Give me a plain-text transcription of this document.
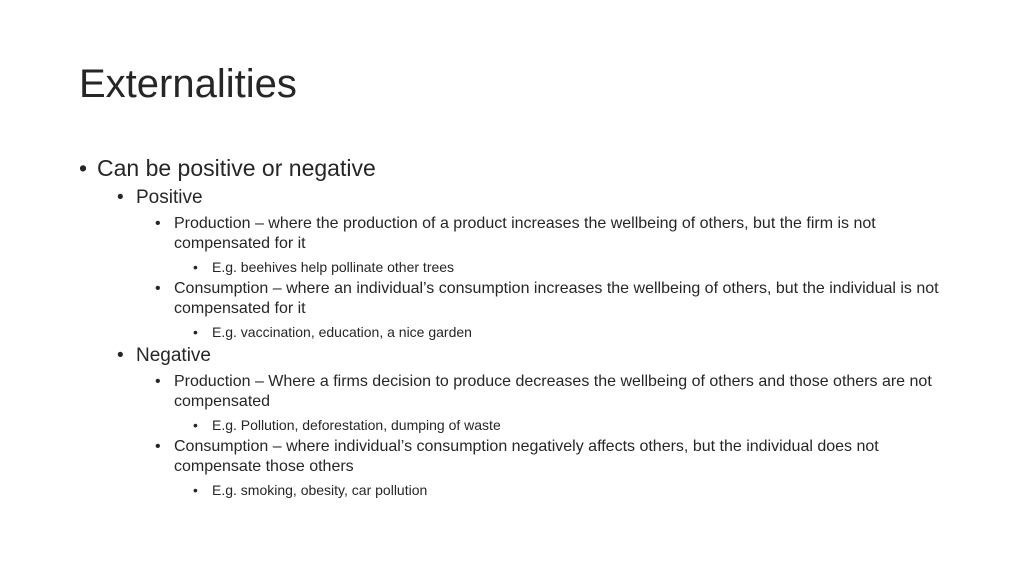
Externalities
• Can be positive or negative
• Positive
• Production – where the production of a product increases the wellbeing of others, but the firm is not compensated for it
• E.g. beehives help pollinate other trees
• Consumption – where an individual’s consumption increases the wellbeing of others, but the individual is not compensated for it
• E.g. vaccination, education, a nice garden
• Negative
• Production – Where a firms decision to produce decreases the wellbeing of others and those others are not compensated
• E.g. Pollution, deforestation, dumping of waste
• Consumption – where individual’s consumption negatively affects others, but the individual does not compensate those others
• E.g. smoking, obesity, car pollution
